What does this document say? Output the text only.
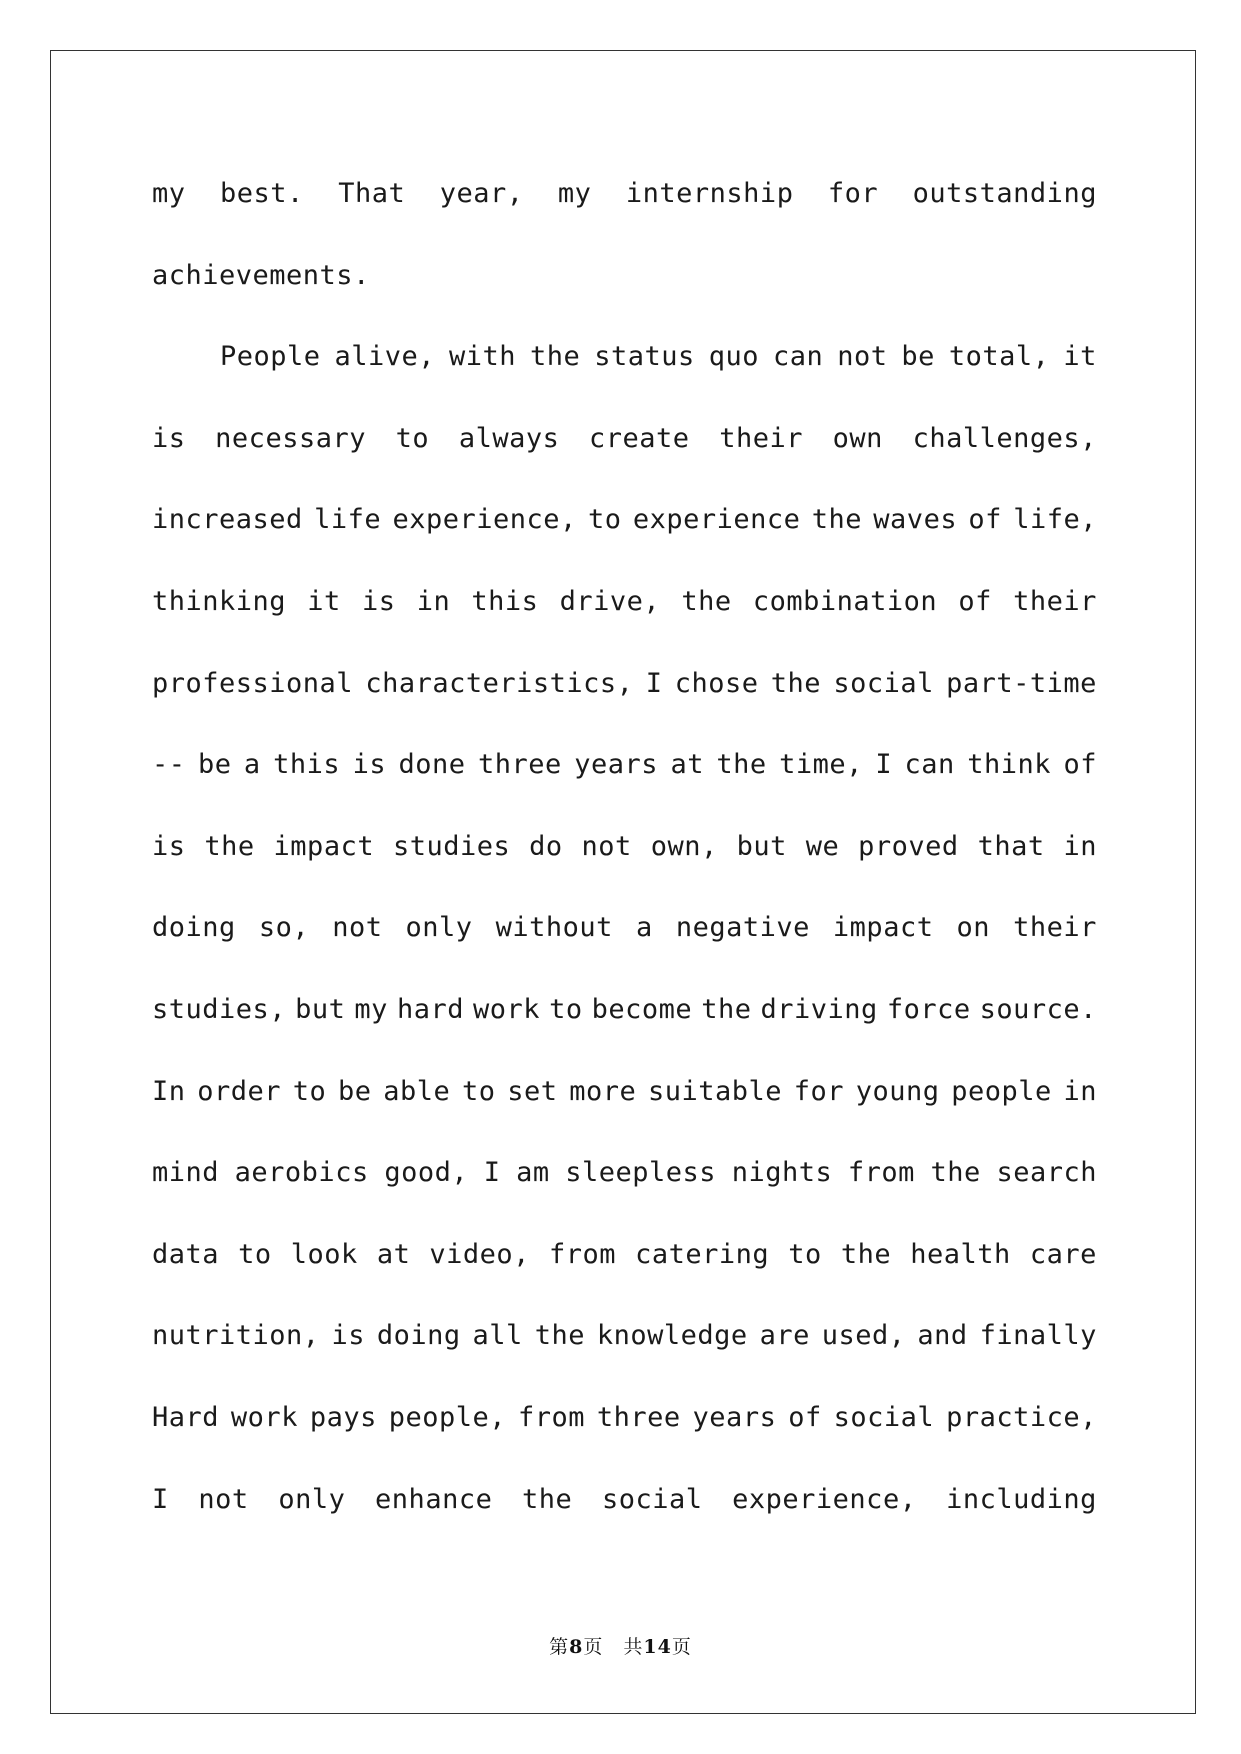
my best. That year, my internship for outstanding
achievements.
People alive, with the status quo can not be total, it
is necessary to always create their own challenges,
increased life experience, to experience the waves of life,
thinking it is in this drive, the combination of their
professional characteristics, I chose the social part-time
-- be a this is done three years at the time, I can think of
is the impact studies do not own, but we proved that in
doing so, not only without a negative impact on their
studies, but my hard work to become the driving force source.
In order to be able to set more suitable for young people in
mind aerobics good, I am sleepless nights from the search
data to look at video, from catering to the health care
nutrition, is doing all the knowledge are used, and finally
Hard work pays people, from three years of social practice,
I not only enhance the social experience, including
第8页　共14页
